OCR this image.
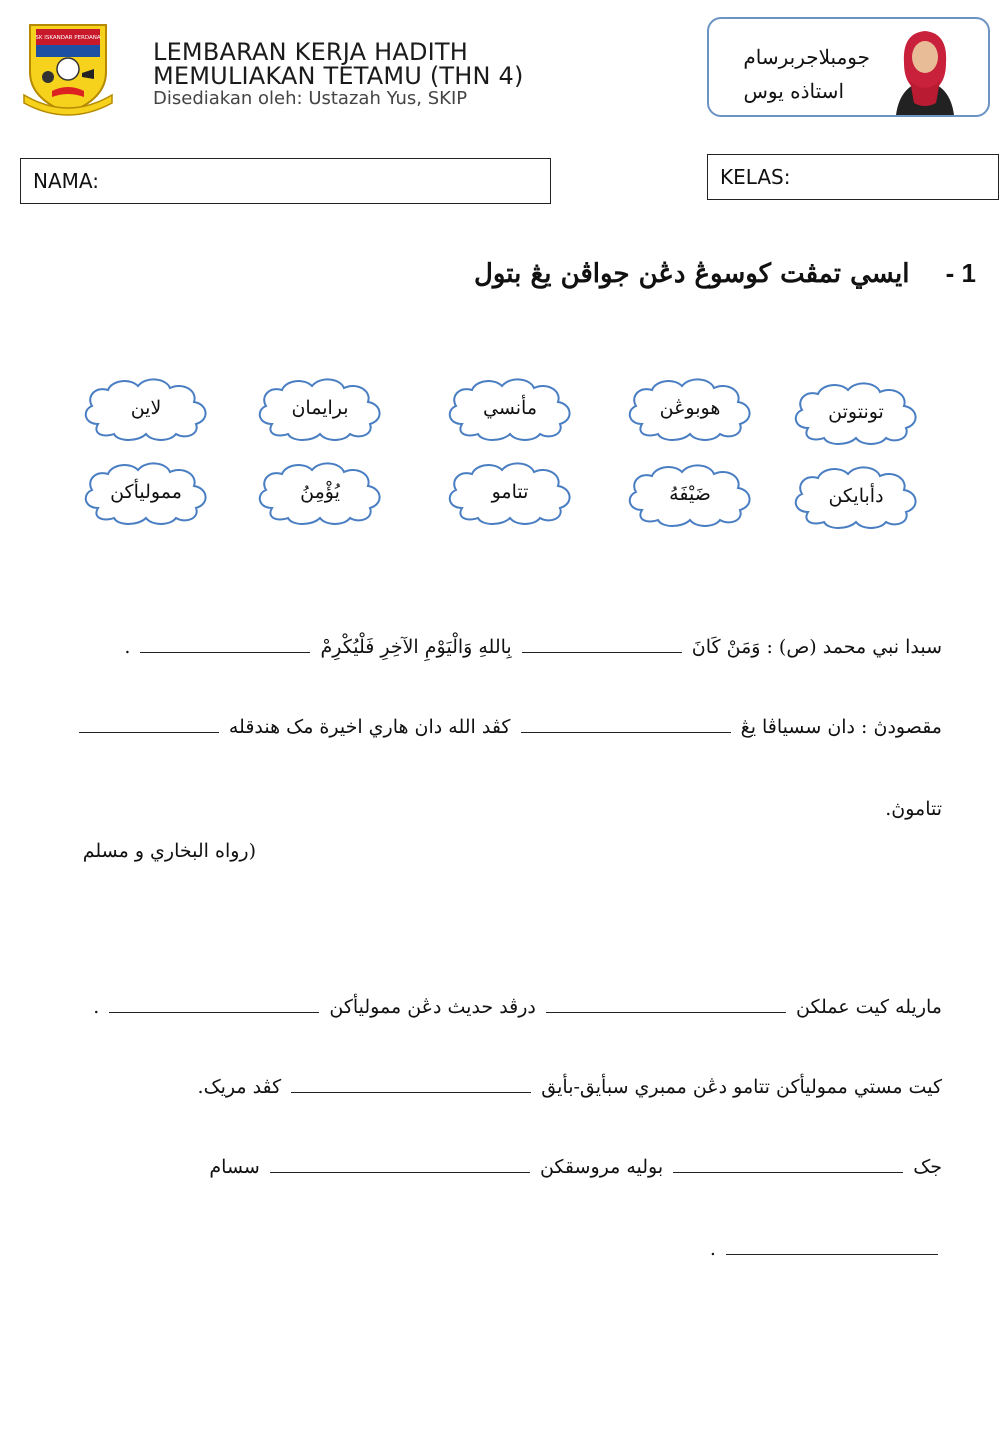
SK ISKANDAR PERDANA LEMBARAN KERJA HADITH
MEMULIAKAN TETAMU (THN 4)
Disediakan oleh: Ustazah Yus, SKIP
جومبلاجربرسام
استاذه يوس
NAMA:	KELAS:
1 -    ايسي تمڤت كوسوڠ دڠن جواڤن يڠ بتول
تونتوتن
هوبوڠن
مأنسي
برايمان
لاين
دأبايكن
ضَيْفَهُ
تتامو
يُؤْمِنُ
مموليأكن
سبدا نبي محمد (ص) : وَمَنْ كَانَ  بِاللهِ وَالْيَوْمِ الآخِرِ فَلْيُكْرِمْ  .
مقصودڽ : دان سسياڤا يڠ  كڤد الله دان هاري اخيرة مک هندقله
تتاموڽ.
(رواه البخاري و مسلم
ماريله كيت عملكن  درڤد حديث دڠن مموليأكن  .
كيت مستي مموليأكن تتامو دڠن ممبري سبأيق-بأيق  كڤد مريک.
جک  بوليه مروسقكن  سسام
.
